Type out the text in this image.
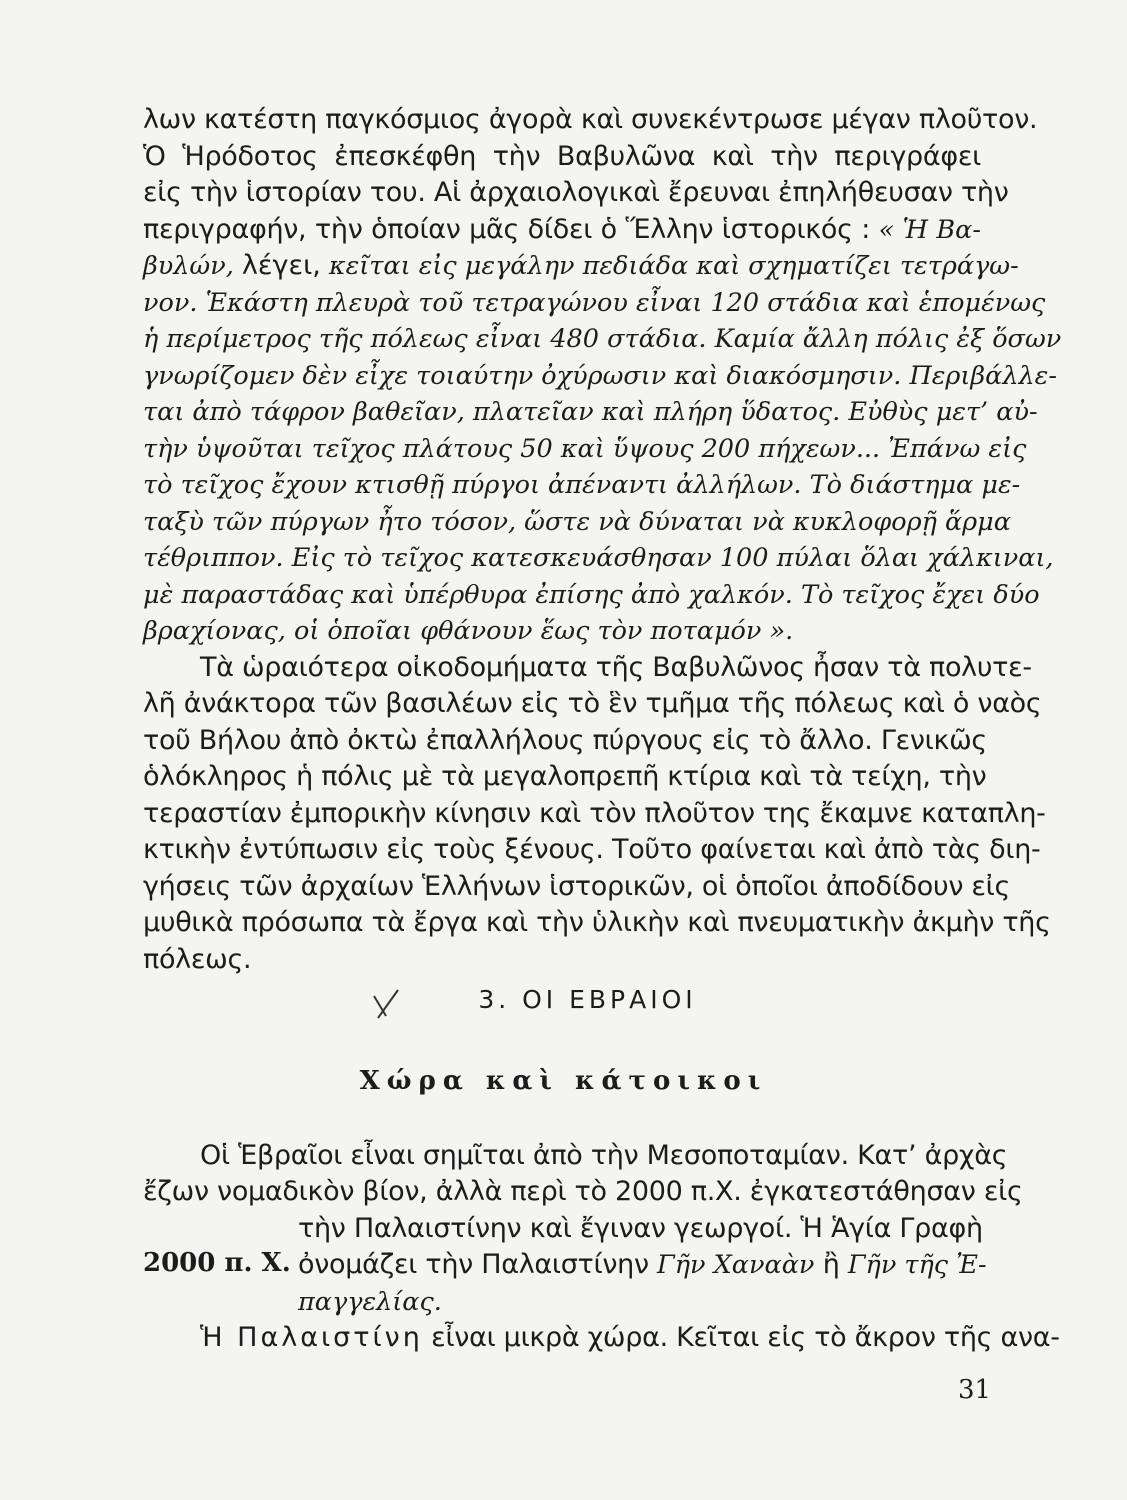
λων κατέστη παγκόσμιος ἀγορὰ καὶ συνεκέντρωσε μέγαν πλοῦτον.
Ὁ Ἡρόδοτος ἐπεσκέφθη τὴν Βαβυλῶνα καὶ τὴν περιγράφει
εἰς τὴν ἱστορίαν του. Αἱ ἀρχαιολογικαὶ ἔρευναι ἐπηλήθευσαν τὴν
περιγραφήν, τὴν ὁποίαν μᾶς δίδει ὁ Ἕλλην ἱστορικός : « Ἡ Βα-
βυλών, λέγει, κεῖται εἰς μεγάλην πεδιάδα καὶ σχηματίζει τετράγω-
νον. Ἑκάστη πλευρὰ τοῦ τετραγώνου εἶναι 120 στάδια καὶ ἑπομένως
ἡ περίμετρος τῆς πόλεως εἶναι 480 στάδια. Καμία ἄλλη πόλις ἐξ ὅσων
γνωρίζομεν δὲν εἶχε τοιαύτην ὀχύρωσιν καὶ διακόσμησιν. Περιβάλλε-
ται ἀπὸ τάφρον βαθεῖαν, πλατεῖαν καὶ πλήρη ὕδατος. Εὐθὺς μετ’ αὐ-
τὴν ὑψοῦται τεῖχος πλάτους 50 καὶ ὕψους 200 πήχεων... Ἐπάνω εἰς
τὸ τεῖχος ἔχουν κτισθῇ πύργοι ἀπέναντι ἀλλήλων. Τὸ διάστημα με-
ταξὺ τῶν πύργων ἦτο τόσον, ὥστε νὰ δύναται νὰ κυκλοφορῇ ἅρμα
τέθριππον. Εἰς τὸ τεῖχος κατεσκευάσθησαν 100 πύλαι ὅλαι χάλκιναι,
μὲ παραστάδας καὶ ὑπέρθυρα ἐπίσης ἀπὸ χαλκόν. Τὸ τεῖχος ἔχει δύο
βραχίονας, οἱ ὁποῖαι φθάνουν ἕως τὸν ποταμόν ».
Τὰ ὡραιότερα οἰκοδομήματα τῆς Βαβυλῶνος ἦσαν τὰ πολυτε-
λῆ ἀνάκτορα τῶν βασιλέων εἰς τὸ ἓν τμῆμα τῆς πόλεως καὶ ὁ ναὸς
τοῦ Βήλου ἀπὸ ὀκτὼ ἐπαλλήλους πύργους εἰς τὸ ἄλλο. Γενικῶς
ὁλόκληρος ἡ πόλις μὲ τὰ μεγαλοπρεπῆ κτίρια καὶ τὰ τείχη, τὴν
τεραστίαν ἐμπορικὴν κίνησιν καὶ τὸν πλοῦτον της ἔκαμνε καταπλη-
κτικὴν ἐντύπωσιν εἰς τοὺς ξένους. Τοῦτο φαίνεται καὶ ἀπὸ τὰς διη-
γήσεις τῶν ἀρχαίων Ἑλλήνων ἱστορικῶν, οἱ ὁποῖοι ἀποδίδουν εἰς
μυθικὰ πρόσωπα τὰ ἔργα καὶ τὴν ὑλικὴν καὶ πνευματικὴν ἀκμὴν τῆς
πόλεως.
3. ΟΙ ΕΒΡΑΙΟΙ
Χώρα καὶ κάτοικοι
Οἱ Ἑβραῖοι εἶναι σημῖται ἀπὸ τὴν Μεσοποταμίαν. Κατ’ ἀρχὰς
ἔζων νομαδικὸν βίον, ἀλλὰ περὶ τὸ 2000 π.Χ. ἐγκατεστάθησαν εἰς
τὴν Παλαιστίνην καὶ ἔγιναν γεωργοί. Ἡ Ἁγία Γραφὴ
2000 π. Χ. ὀνομάζει τὴν Παλαιστίνην Γῆν Χαναὰν ἢ Γῆν τῆς Ἐ-
παγγελίας.
Ἡ Παλαιστίνη εἶναι μικρὰ χώρα. Κεῖται εἰς τὸ ἄκρον τῆς ανα-
31
